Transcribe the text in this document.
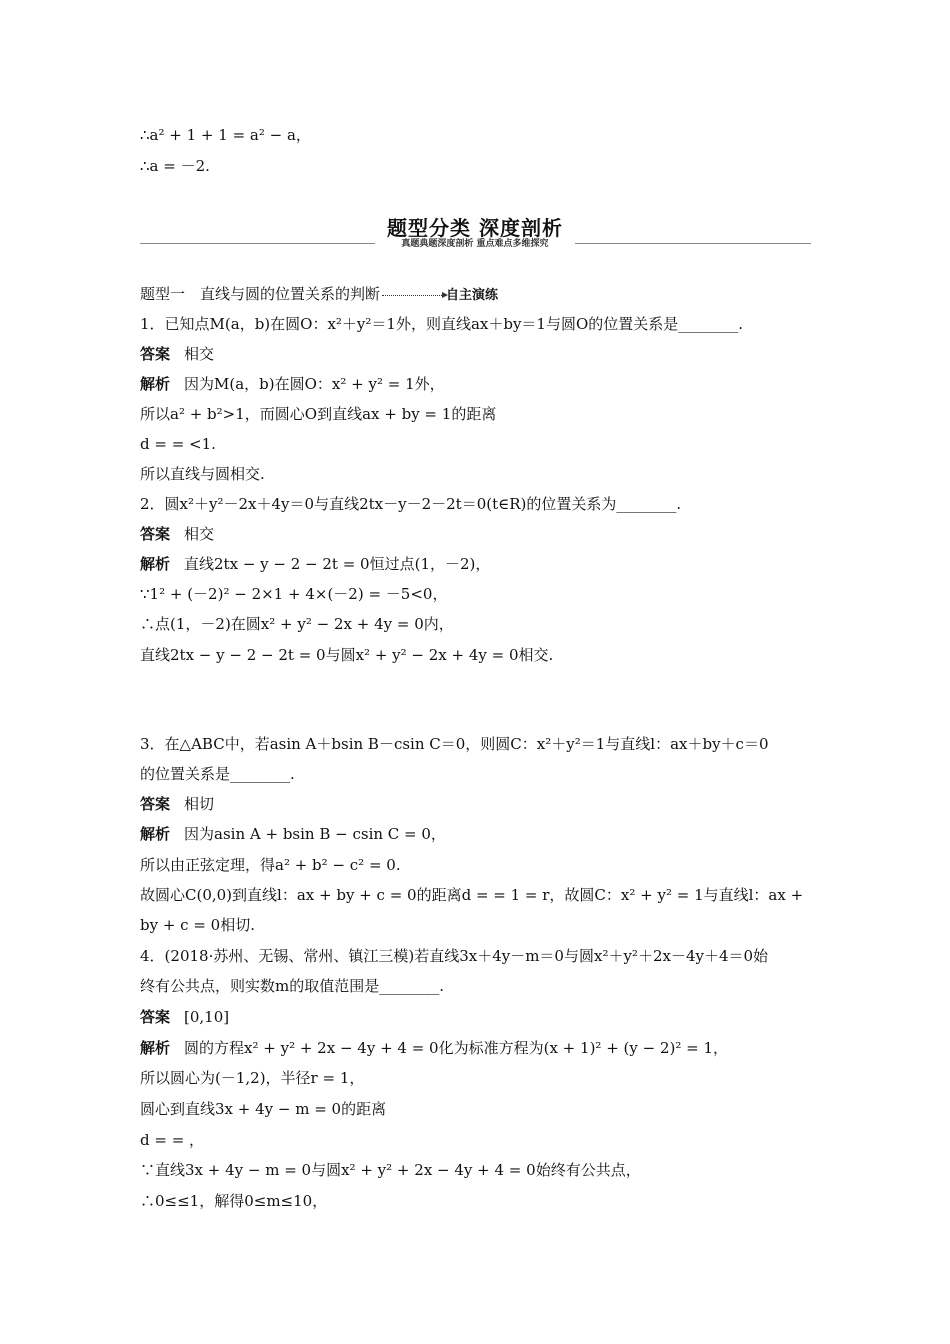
∴a² + 1 + 1 = a² − a，
∴a = －2.
题型分类 深度剖析
真题典题深度剖析 重点难点多维探究
题型一　直线与圆的位置关系的判断	自主演练
1．已知点M(a，b)在圆O：x²＋y²＝1外，则直线ax＋by＝1与圆O的位置关系是________.
答案 相交
解析 因为M(a，b)在圆O：x² + y² = 1外，
所以a² + b²>1，而圆心O到直线ax + by = 1的距离
d = = <1.
所以直线与圆相交.
2．圆x²＋y²－2x＋4y＝0与直线2tx－y－2－2t＝0(t∈R)的位置关系为________.
答案 相交
解析 直线2tx − y − 2 − 2t = 0恒过点(1，－2)，
∵1² + (－2)² − 2×1 + 4×(－2) = －5<0，
∴点(1，－2)在圆x² + y² − 2x + 4y = 0内，
直线2tx − y − 2 − 2t = 0与圆x² + y² − 2x + 4y = 0相交.
3．在△ABC中，若asin A＋bsin B－csin C＝0，则圆C：x²＋y²＝1与直线l：ax＋by＋c＝0
的位置关系是________.
答案 相切
解析 因为asin A + bsin B − csin C = 0，
所以由正弦定理，得a² + b² − c² = 0.
故圆心C(0,0)到直线l：ax + by + c = 0的距离d = = 1 = r，故圆C：x² + y² = 1与直线l：ax +
by + c = 0相切.
4．(2018·苏州、无锡、常州、镇江三模)若直线3x＋4y－m＝0与圆x²＋y²＋2x－4y＋4＝0始
终有公共点，则实数m的取值范围是________.
答案 [0,10]
解析 圆的方程x² + y² + 2x − 4y + 4 = 0化为标准方程为(x + 1)² + (y − 2)² = 1，
所以圆心为(－1,2)，半径r = 1，
圆心到直线3x + 4y − m = 0的距离
d = = ，
∵直线3x + 4y − m = 0与圆x² + y² + 2x − 4y + 4 = 0始终有公共点，
∴0≤≤1，解得0≤m≤10，
